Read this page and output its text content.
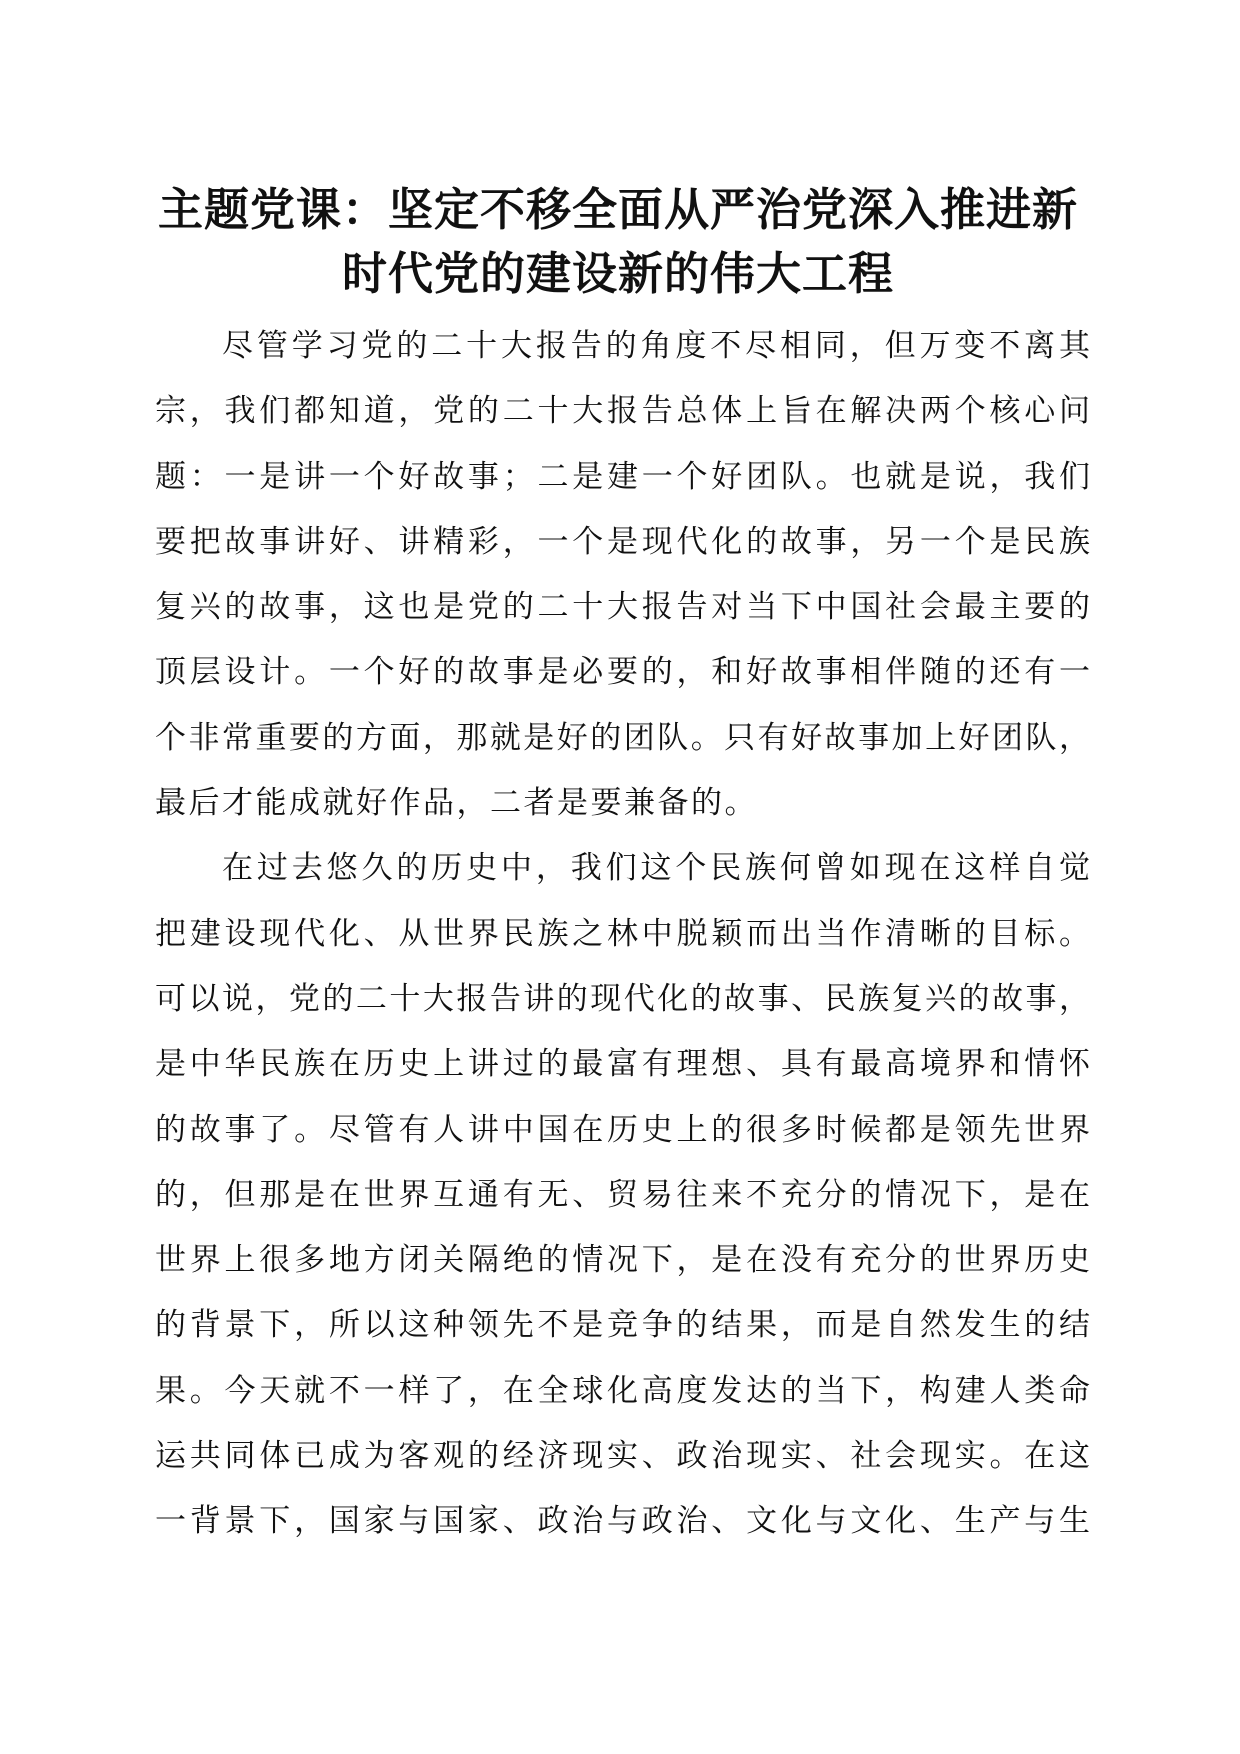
主题党课：坚定不移全面从严治党深入推进新
时代党的建设新的伟大工程
尽管学习党的二十大报告的角度不尽相同，但万变不离其
宗，我们都知道，党的二十大报告总体上旨在解决两个核心问
题：一是讲一个好故事；二是建一个好团队。也就是说，我们
要把故事讲好、讲精彩，一个是现代化的故事，另一个是民族
复兴的故事，这也是党的二十大报告对当下中国社会最主要的
顶层设计。一个好的故事是必要的，和好故事相伴随的还有一
个非常重要的方面，那就是好的团队。只有好故事加上好团队，
最后才能成就好作品，二者是要兼备的。
在过去悠久的历史中，我们这个民族何曾如现在这样自觉
把建设现代化、从世界民族之林中脱颖而出当作清晰的目标。
可以说，党的二十大报告讲的现代化的故事、民族复兴的故事，
是中华民族在历史上讲过的最富有理想、具有最高境界和情怀
的故事了。尽管有人讲中国在历史上的很多时候都是领先世界
的，但那是在世界互通有无、贸易往来不充分的情况下，是在
世界上很多地方闭关隔绝的情况下，是在没有充分的世界历史
的背景下，所以这种领先不是竞争的结果，而是自然发生的结
果。今天就不一样了，在全球化高度发达的当下，构建人类命
运共同体已成为客观的经济现实、政治现实、社会现实。在这
一背景下，国家与国家、政治与政治、文化与文化、生产与生
